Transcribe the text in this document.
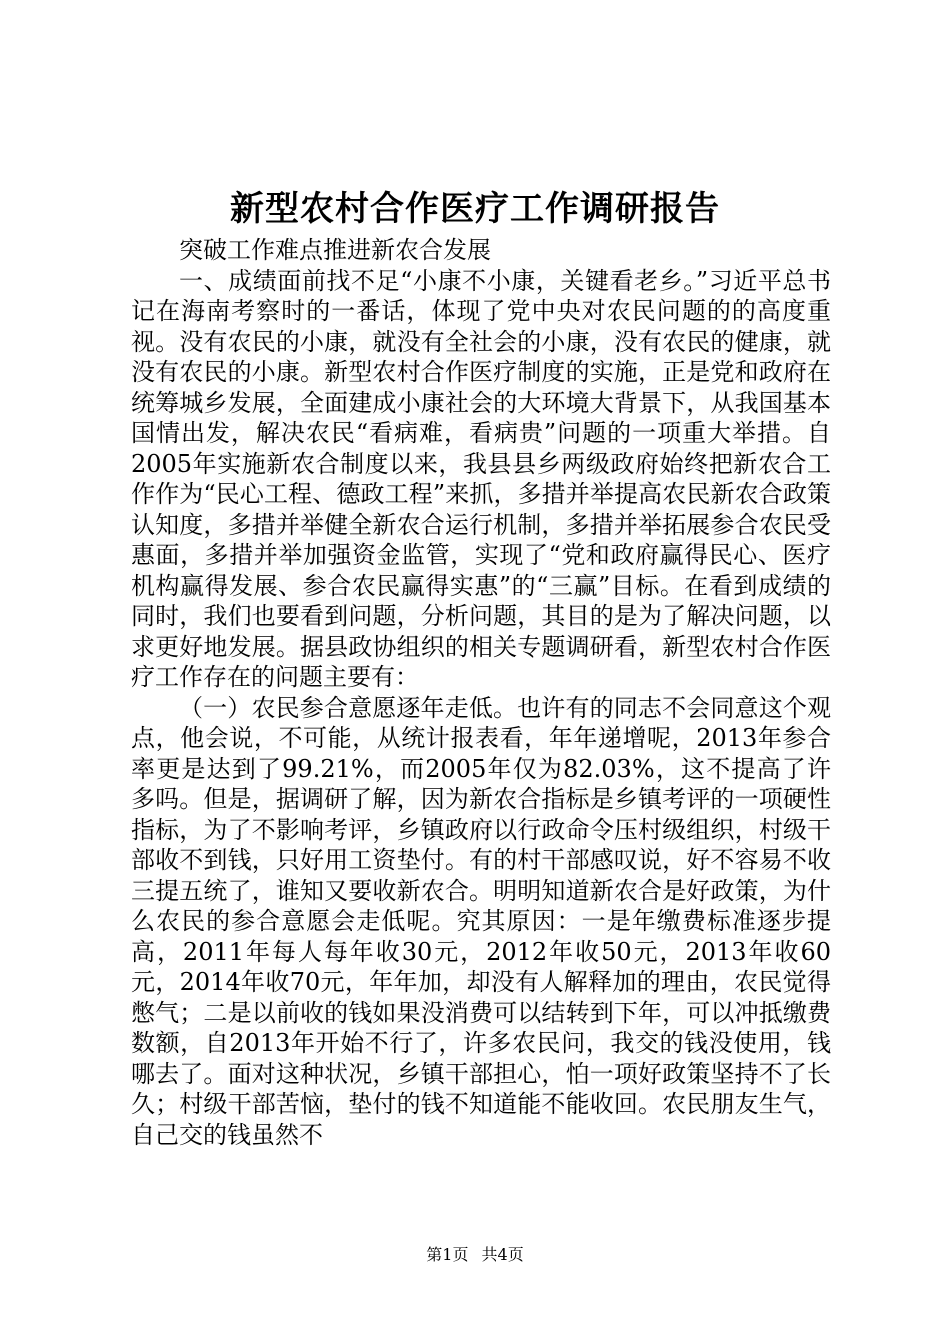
新型农村合作医疗工作调研报告

突破工作难点推进新农合发展

一、成绩面前找不足“小康不小康，关键看老乡。”习近平总书记在海南考察时的一番话，体现了党中央对农民问题的的高度重视。没有农民的小康，就没有全社会的小康，没有农民的健康，就没有农民的小康。新型农村合作医疗制度的实施，正是党和政府在统筹城乡发展，全面建成小康社会的大环境大背景下，从我国基本国情出发，解决农民“看病难，看病贵”问题的一项重大举措。自2005年实施新农合制度以来，我县县乡两级政府始终把新农合工作作为“民心工程、德政工程”来抓，多措并举提高农民新农合政策认知度，多措并举健全新农合运行机制，多措并举拓展参合农民受惠面，多措并举加强资金监管，实现了“党和政府赢得民心、医疗机构赢得发展、参合农民赢得实惠”的“三赢”目标。在看到成绩的同时，我们也要看到问题，分析问题，其目的是为了解决问题，以求更好地发展。据县政协组织的相关专题调研看，新型农村合作医疗工作存在的问题主要有：

（一）农民参合意愿逐年走低。也许有的同志不会同意这个观点，他会说，不可能，从统计报表看，年年递增呢，2013年参合率更是达到了99.21%，而2005年仅为82.03%，这不提高了许多吗。但是，据调研了解，因为新农合指标是乡镇考评的一项硬性指标，为了不影响考评，乡镇政府以行政命令压村级组织，村级干部收不到钱，只好用工资垫付。有的村干部感叹说，好不容易不收三提五统了，谁知又要收新农合。明明知道新农合是好政策，为什么农民的参合意愿会走低呢。究其原因：一是年缴费标准逐步提高，2011年每人每年收30元，2012年收50元，2013年收60元，2014年收70元，年年加，却没有人解释加的理由，农民觉得憋气；二是以前收的钱如果没消费可以结转到下年，可以冲抵缴费数额，自2013年开始不行了，许多农民问，我交的钱没使用，钱哪去了。面对这种状况，乡镇干部担心，怕一项好政策坚持不了长久；村级干部苦恼，垫付的钱不知道能不能收回。农民朋友生气，自己交的钱虽然不

第1页 共4页
